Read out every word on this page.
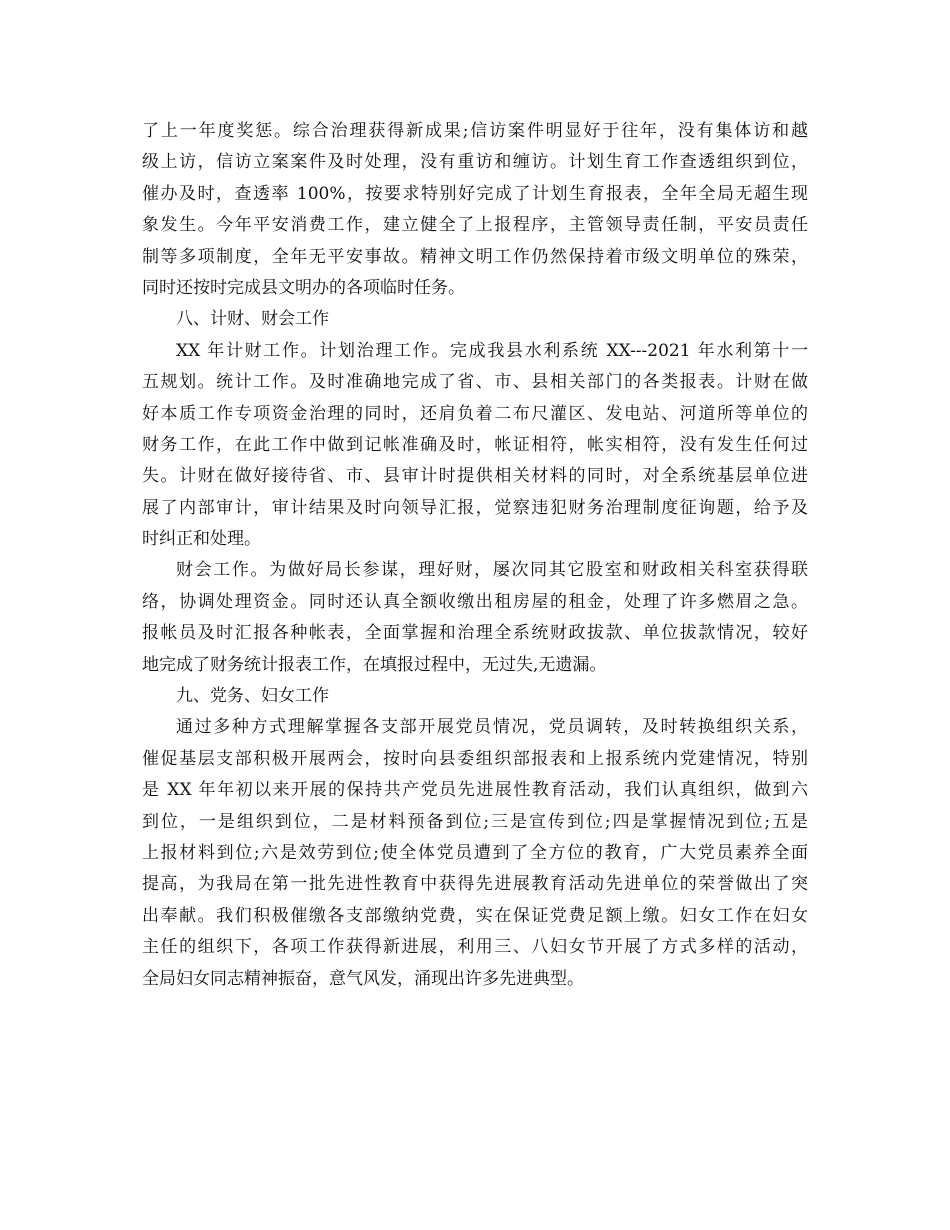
了上一年度奖惩。综合治理获得新成果;信访案件明显好于往年，没有集体访和越
级上访，信访立案案件及时处理，没有重访和缠访。计划生育工作查透组织到位，
催办及时，查透率 100%，按要求特别好完成了计划生育报表，全年全局无超生现
象发生。今年平安消费工作，建立健全了上报程序，主管领导责任制，平安员责任
制等多项制度，全年无平安事故。精神文明工作仍然保持着市级文明单位的殊荣，
同时还按时完成县文明办的各项临时任务。
八、计财、财会工作
XX 年计财工作。计划治理工作。完成我县水利系统 XX---2021 年水利第十一
五规划。统计工作。及时准确地完成了省、市、县相关部门的各类报表。计财在做
好本质工作专项资金治理的同时，还肩负着二布尺灌区、发电站、河道所等单位的
财务工作，在此工作中做到记帐准确及时，帐证相符，帐实相符，没有发生任何过
失。计财在做好接待省、市、县审计时提供相关材料的同时，对全系统基层单位进
展了内部审计，审计结果及时向领导汇报，觉察违犯财务治理制度征询题，给予及
时纠正和处理。
财会工作。为做好局长参谋，理好财，屡次同其它股室和财政相关科室获得联
络，协调处理资金。同时还认真全额收缴出租房屋的租金，处理了许多燃眉之急。
报帐员及时汇报各种帐表，全面掌握和治理全系统财政拔款、单位拔款情况，较好
地完成了财务统计报表工作，在填报过程中，无过失,无遗漏。
九、党务、妇女工作
通过多种方式理解掌握各支部开展党员情况，党员调转，及时转换组织关系，
催促基层支部积极开展两会，按时向县委组织部报表和上报系统内党建情况，特别
是 XX 年年初以来开展的保持共产党员先进展性教育活动，我们认真组织，做到六
到位，一是组织到位，二是材料预备到位;三是宣传到位;四是掌握情况到位;五是
上报材料到位;六是效劳到位;使全体党员遭到了全方位的教育，广大党员素养全面
提高，为我局在第一批先进性教育中获得先进展教育活动先进单位的荣誉做出了突
出奉献。我们积极催缴各支部缴纳党费，实在保证党费足额上缴。妇女工作在妇女
主任的组织下，各项工作获得新进展，利用三、八妇女节开展了方式多样的活动，
全局妇女同志精神振奋，意气风发，涌现出许多先进典型。
